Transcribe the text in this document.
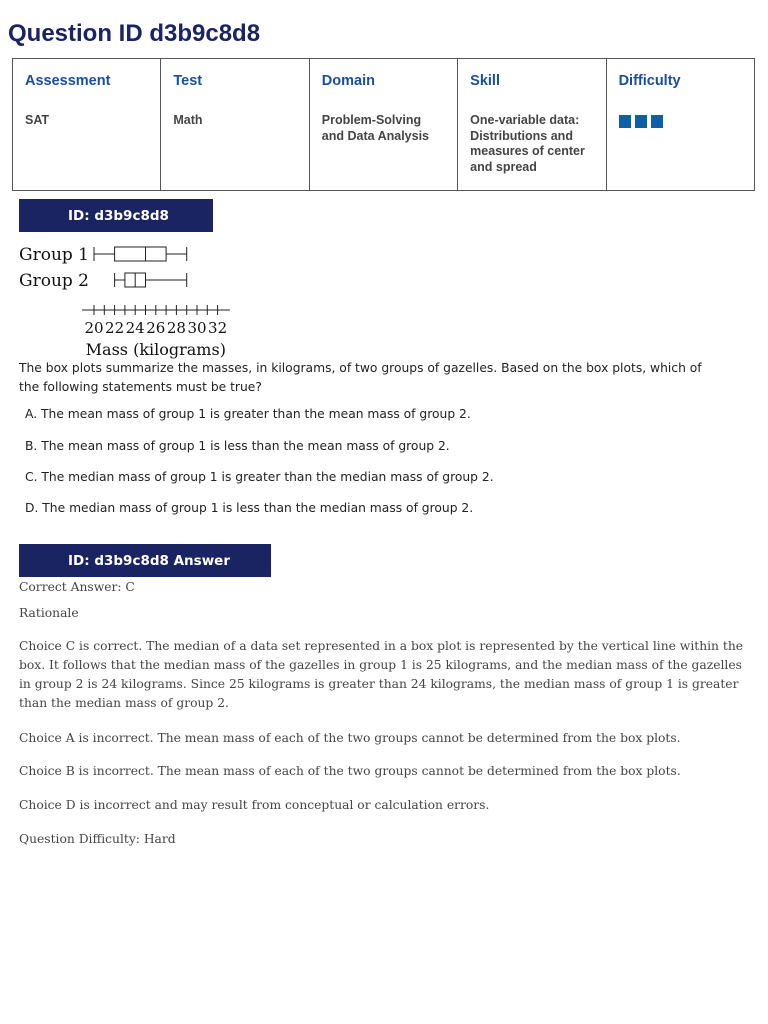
Question ID d3b9c8d8
Assessment
SAT

Test
Math

Domain
Problem-Solving and Data Analysis

Skill
One-variable data: Distributions and measures of center and spread

Difficulty
ID: d3b9c8d8
Group 1
Group 2
20 22 24 26 28 30 32
Mass (kilograms)

The box plots summarize the masses, in kilograms, of two groups of gazelles. Based on the box plots, which of the following statements must be true?

A. The mean mass of group 1 is greater than the mean mass of group 2.

B. The mean mass of group 1 is less than the mean mass of group 2.

C. The median mass of group 1 is greater than the median mass of group 2.

D. The median mass of group 1 is less than the median mass of group 2.

ID: d3b9c8d8 Answer

Correct Answer: C

Rationale

Choice C is correct. The median of a data set represented in a box plot is represented by the vertical line within the box. It follows that the median mass of the gazelles in group 1 is 25 kilograms, and the median mass of the gazelles in group 2 is 24 kilograms. Since 25 kilograms is greater than 24 kilograms, the median mass of group 1 is greater than the median mass of group 2.

Choice A is incorrect. The mean mass of each of the two groups cannot be determined from the box plots.

Choice B is incorrect. The mean mass of each of the two groups cannot be determined from the box plots.

Choice D is incorrect and may result from conceptual or calculation errors.

Question Difficulty: Hard
